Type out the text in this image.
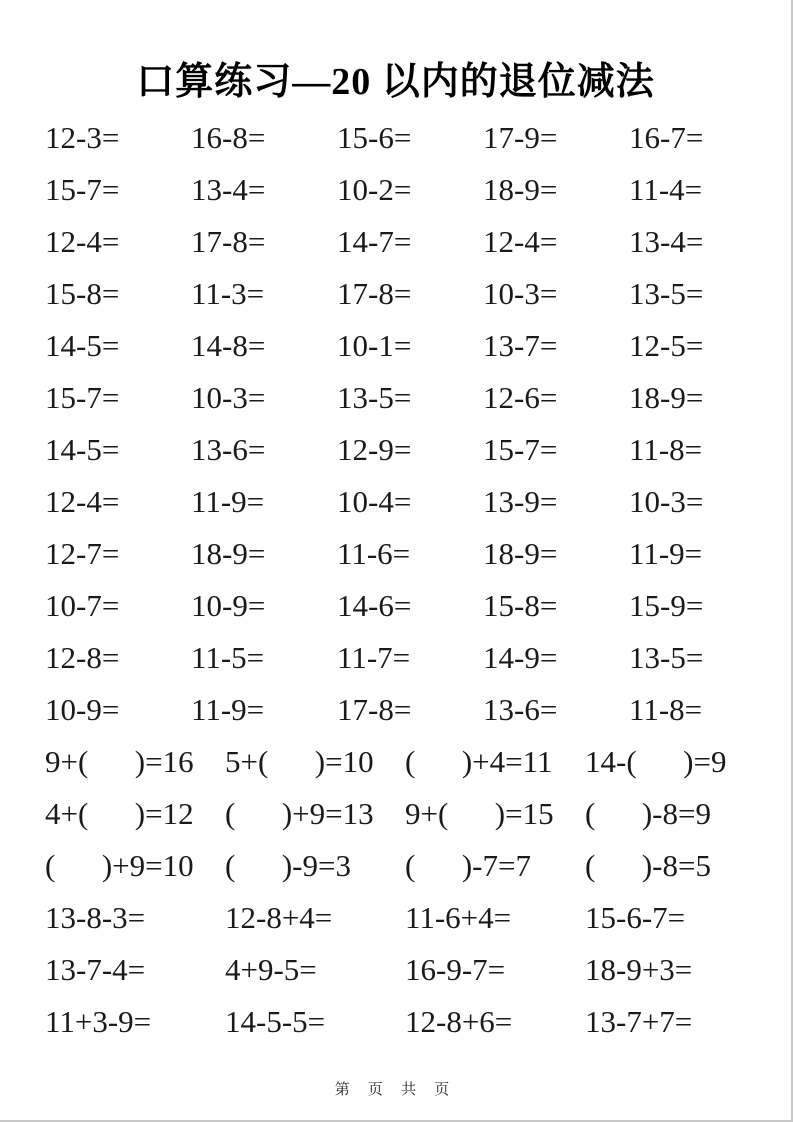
口算练习—20 以内的退位减法
12-3=	16-8=	15-6=	17-9=	16-7=
15-7=	13-4=	10-2=	18-9=	11-4=
12-4=	17-8=	14-7=	12-4=	13-4=
15-8=	11-3=	17-8=	10-3=	13-5=
14-5=	14-8=	10-1=	13-7=	12-5=
15-7=	10-3=	13-5=	12-6=	18-9=
14-5=	13-6=	12-9=	15-7=	11-8=
12-4=	11-9=	10-4=	13-9=	10-3=
12-7=	18-9=	11-6=	18-9=	11-9=
10-7=	10-9=	14-6=	15-8=	15-9=
12-8=	11-5=	11-7=	14-9=	13-5=
10-9=	11-9=	17-8=	13-6=	11-8=
9+(      )=16	5+(      )=10	(      )+4=11	14-(      )=9
4+(      )=12	(      )+9=13	9+(      )=15	(      )-8=9
(      )+9=10	(      )-9=3	(      )-7=7	(      )-8=5
13-8-3=	12-8+4=	11-6+4=	15-6-7=
13-7-4=	4+9-5=	16-9-7=	18-9+3=
11+3-9=	14-5-5=	12-8+6=	13-7+7=
第 页 共 页
